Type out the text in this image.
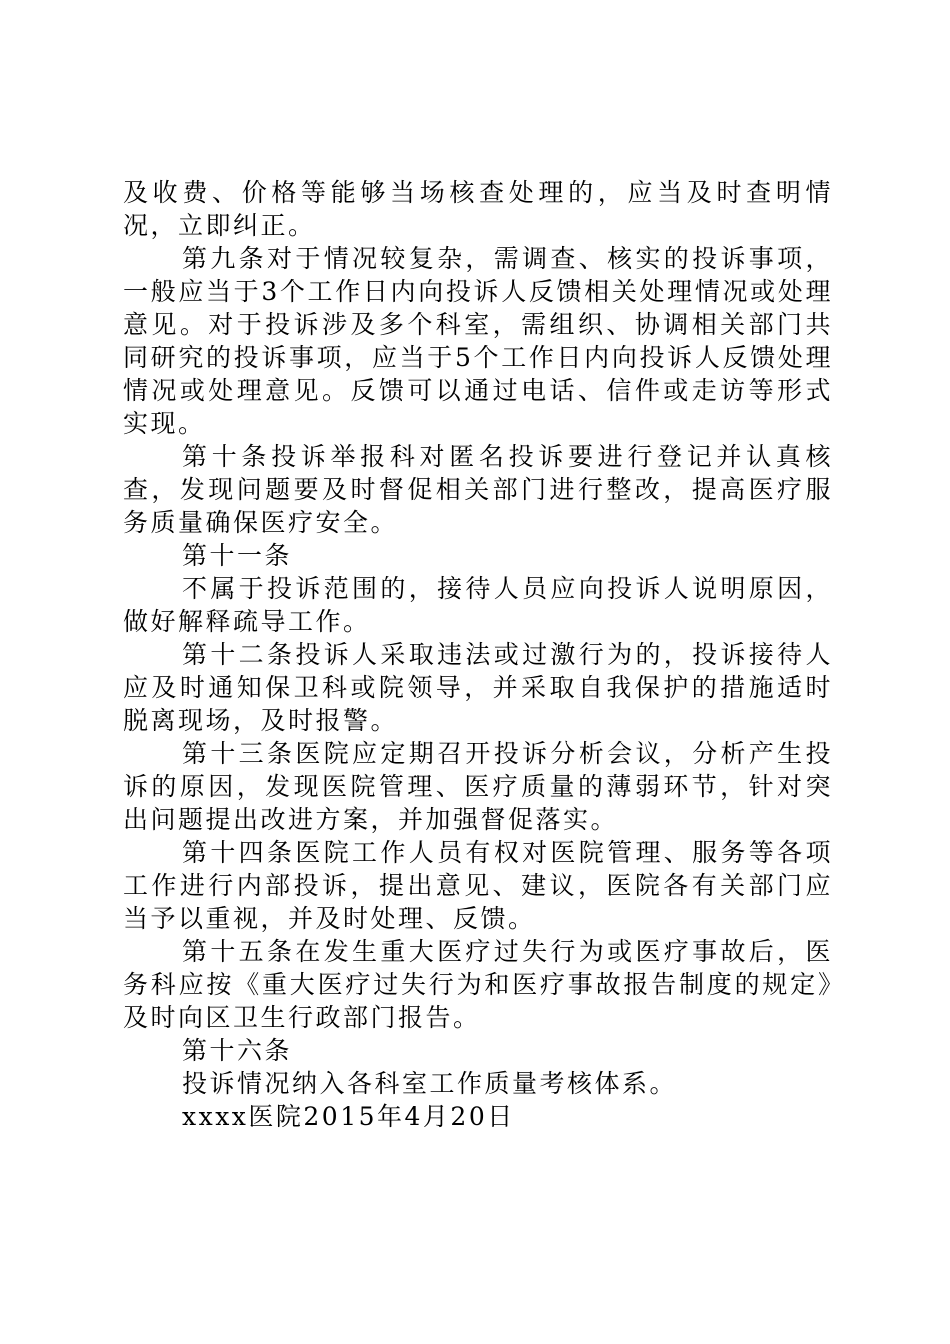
及收费、价格等能够当场核查处理的，应当及时查明情况，立即纠正。

第九条对于情况较复杂，需调查、核实的投诉事项，一般应当于3个工作日内向投诉人反馈相关处理情况或处理意见。对于投诉涉及多个科室，需组织、协调相关部门共同研究的投诉事项，应当于5个工作日内向投诉人反馈处理情况或处理意见。反馈可以通过电话、信件或走访等形式实现。

第十条投诉举报科对匿名投诉要进行登记并认真核查，发现问题要及时督促相关部门进行整改，提高医疗服务质量确保医疗安全。

第十一条

不属于投诉范围的，接待人员应向投诉人说明原因，做好解释疏导工作。

第十二条投诉人采取违法或过激行为的，投诉接待人应及时通知保卫科或院领导，并采取自我保护的措施适时脱离现场，及时报警。

第十三条医院应定期召开投诉分析会议，分析产生投诉的原因，发现医院管理、医疗质量的薄弱环节，针对突出问题提出改进方案，并加强督促落实。

第十四条医院工作人员有权对医院管理、服务等各项工作进行内部投诉，提出意见、建议，医院各有关部门应当予以重视，并及时处理、反馈。

第十五条在发生重大医疗过失行为或医疗事故后，医务科应按《重大医疗过失行为和医疗事故报告制度的规定》及时向区卫生行政部门报告。

第十六条

投诉情况纳入各科室工作质量考核体系。

xxxx医院2015年4月20日
